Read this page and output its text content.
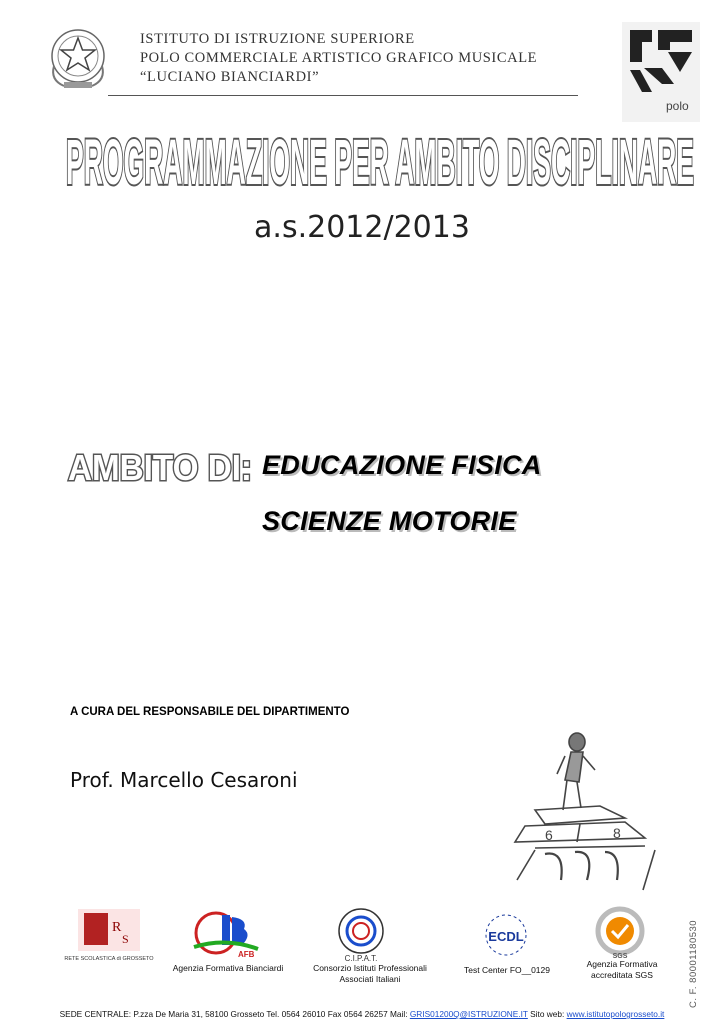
ISTITUTO DI ISTRUZIONE SUPERIORE
POLO COMMERCIALE ARTISTICO GRAFICO MUSICALE
“LUCIANO BIANCIARDI”
polo
PROGRAMMAZIONE PER AMBITO DISCIPLINARE
a.s.2012/2013
AMBITO DI: EDUCAZIONE FISICA
SCIENZE MOTORIE
A CURA DEL RESPONSABILE DEL DIPARTIMENTO
Prof. Marcello Cesaroni
6	8
R
S
RETE SCOLASTICA di GROSSETO	AFB
Agenzia Formativa Bianciardi
C.I.P.A.T.
Consorzio Istituti Professionali Associati Italiani
ECDL
Test Center FO__0129
SGS
Agenzia Formativa accreditata SGS	C. F. 80001180530
SEDE CENTRALE: P.zza De Maria 31, 58100 Grosseto Tel. 0564 26010 Fax 0564 26257 Mail: GRIS01200Q@ISTRUZIONE.IT Sito web: www.istitutopologrosseto.it
